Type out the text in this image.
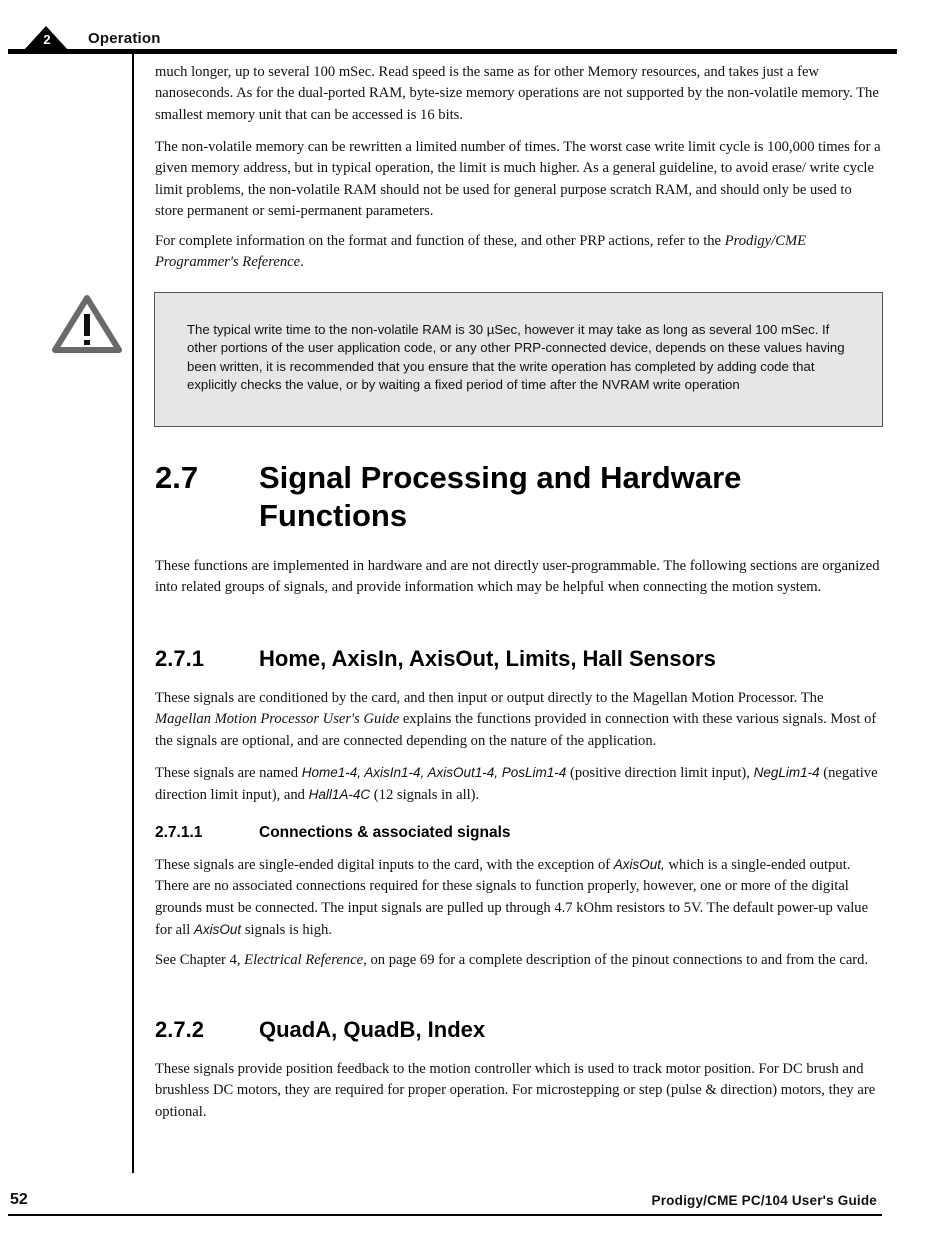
2 Operation

much longer, up to several 100 mSec. Read speed is the same as for other Memory resources, and takes just a few nanoseconds. As for the dual-ported RAM, byte-size memory operations are not supported by the non-volatile memory. The smallest memory unit that can be accessed is 16 bits.

The non-volatile memory can be rewritten a limited number of times. The worst case write limit cycle is 100,000 times for a given memory address, but in typical operation, the limit is much higher. As a general guideline, to avoid erase/ write cycle limit problems, the non-volatile RAM should not be used for general purpose scratch RAM, and should only be used to store permanent or semi-permanent parameters.

For complete information on the format and function of these, and other PRP actions, refer to the Prodigy/CME Programmer's Reference.

The typical write time to the non-volatile RAM is 30 µSec, however it may take as long as several 100 mSec. If other portions of the user application code, or any other PRP-connected device, depends on these values having been written, it is recommended that you ensure that the write operation has completed by adding code that explicitly checks the value, or by waiting a fixed period of time after the NVRAM write operation

2.7 Signal Processing and Hardware Functions

These functions are implemented in hardware and are not directly user-programmable. The following sections are organized into related groups of signals, and provide information which may be helpful when connecting the motion system.

2.7.1	Home, AxisIn, AxisOut, Limits, Hall Sensors

These signals are conditioned by the card, and then input or output directly to the Magellan Motion Processor. The Magellan Motion Processor User's Guide explains the functions provided in connection with these various signals. Most of the signals are optional, and are connected depending on the nature of the application.

These signals are named Home1-4, AxisIn1-4, AxisOut1-4, PosLim1-4 (positive direction limit input), NegLim1-4 (negative direction limit input), and Hall1A-4C (12 signals in all).

2.7.1.1	Connections & associated signals

These signals are single-ended digital inputs to the card, with the exception of AxisOut, which is a single-ended output. There are no associated connections required for these signals to function properly, however, one or more of the digital grounds must be connected. The input signals are pulled up through 4.7 kOhm resistors to 5V. The default power-up value for all AxisOut signals is high.

See Chapter 4, Electrical Reference, on page 69 for a complete description of the pinout connections to and from the card.

2.7.2	QuadA, QuadB, Index

These signals provide position feedback to the motion controller which is used to track motor position. For DC brush and brushless DC motors, they are required for proper operation. For microstepping or step (pulse & direction) motors, they are optional.

52	Prodigy/CME PC/104 User's Guide
